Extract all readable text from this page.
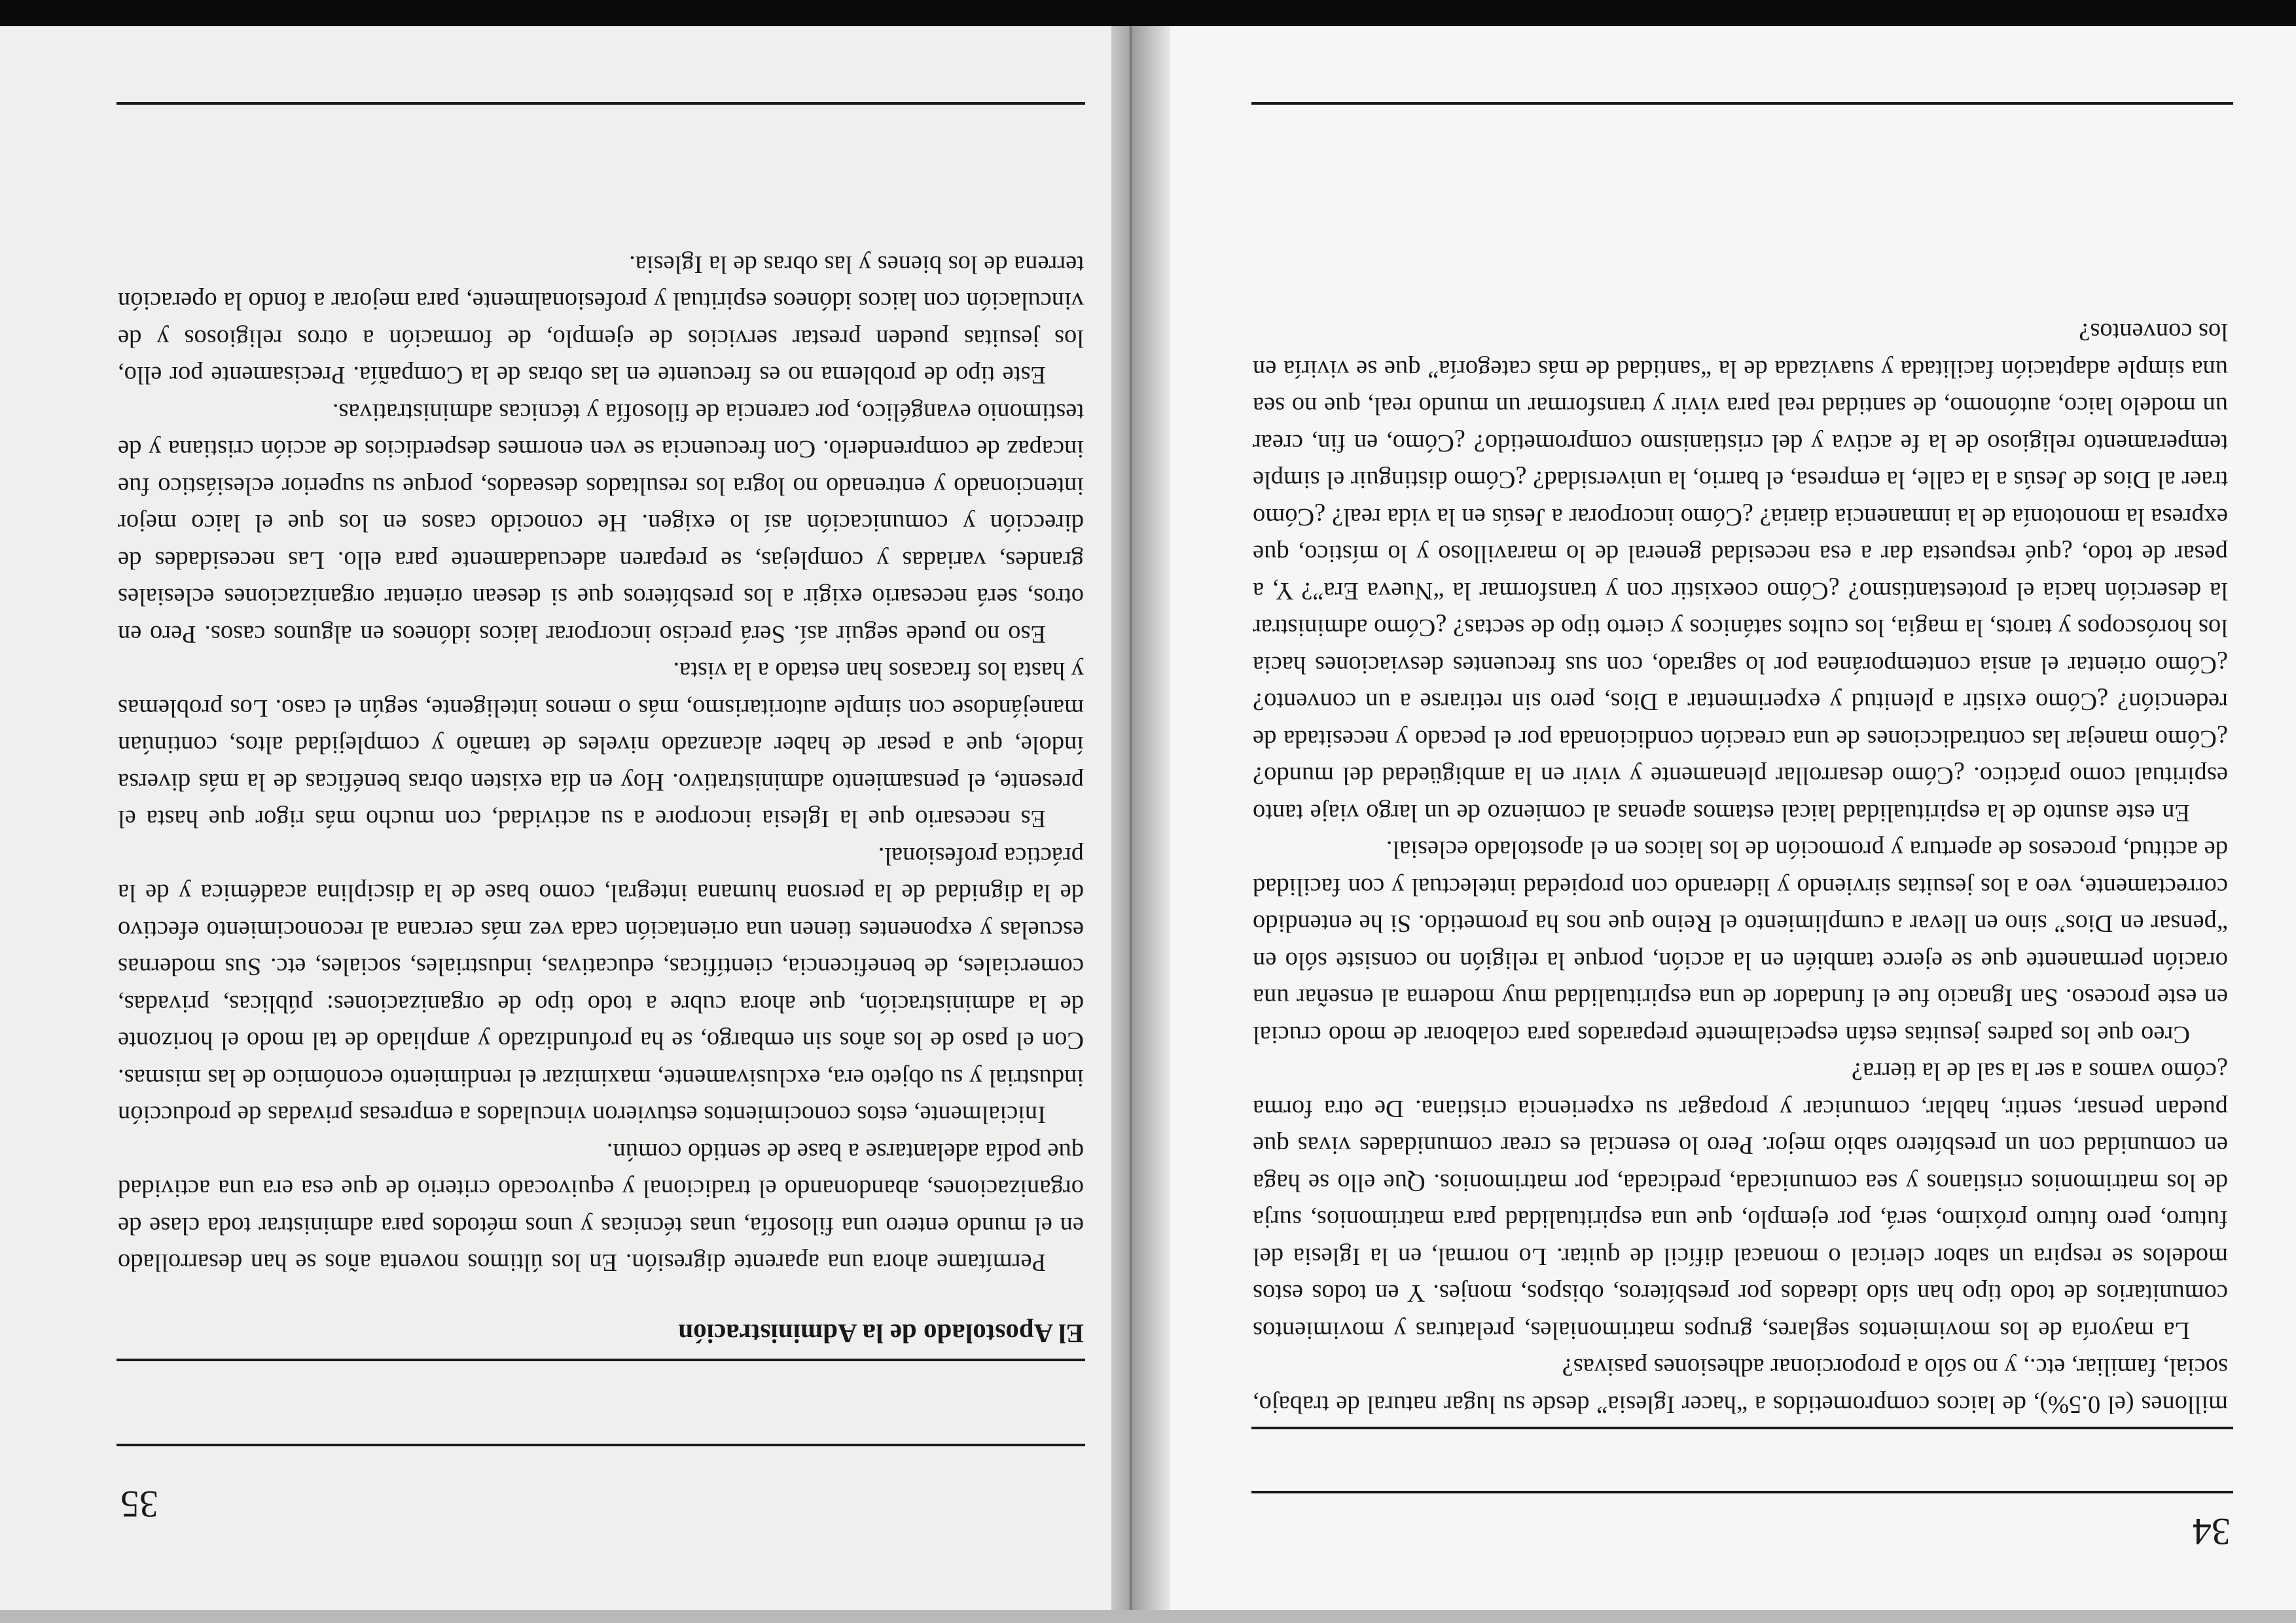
34

millones (el 0.5%), de laicos comprometidos a “hacer Iglesia” desde su lugar natural de trabajo, social, familiar, etc., y no sólo a proporcionar adhesiones pasivas?

La mayoría de los movimientos seglares, grupos matrimoniales, prelaturas y movimientos comunitarios de todo tipo han sido ideados por presbíteros, obispos, monjes. Y en todos estos modelos se respira un sabor clerical o monacal difícil de quitar. Lo normal, en la Iglesia del futuro, pero futuro próximo, será, por ejemplo, que una espiritualidad para matrimonios, surja de los matrimonios cristianos y sea comunicada, predicada, por matrimonios. Que ello se haga en comunidad con un presbítero sabio mejor. Pero lo esencial es crear comunidades vivas que puedan pensar, sentir, hablar, comunicar y propagar su experiencia cristiana. De otra forma ¿cómo vamos a ser la sal de la tierra?

Creo que los padres jesuitas están especialmente preparados para colaborar de modo crucial en este proceso. San Ignacio fue el fundador de una espiritualidad muy moderna al enseñar una oración permanente que se ejerce también en la acción, porque la religión no consiste sólo en “pensar en Dios” sino en llevar a cumplimiento el Reino que nos ha prometido. Si he entendido correctamente, veo a los jesuitas sirviendo y liderando con propiedad intelectual y con facilidad de actitud, procesos de apertura y promoción de los laicos en el apostolado eclesial.

En este asunto de la espiritualidad laical estamos apenas al comienzo de un largo viaje tanto espiritual como práctico. ¿Cómo desarrollar plenamente y vivir en la ambigüedad del mundo? ¿Cómo manejar las contradicciones de una creación condicionada por el pecado y necesitada de redención? ¿Cómo existir a plenitud y experimentar a Dios, pero sin retirarse a un convento? ¿Cómo orientar el ansia contemporánea por lo sagrado, con sus frecuentes desviaciones hacia los horóscopos y tarots, la magia, los cultos satánicos y cierto tipo de sectas? ¿Cómo administrar la deserción hacia el protestantismo? ¿Cómo coexistir con y transformar la “Nueva Era”? Y, a pesar de todo, ¿qué respuesta dar a esa necesidad general de lo maravilloso y lo místico, que expresa la monotonía de la inmanencia diaria? ¿Cómo incorporar a Jesús en la vida real? ¿Cómo traer al Dios de Jesús a la calle, la empresa, el barrio, la universidad? ¿Cómo distinguir el simple temperamento religioso de la fe activa y del cristianismo comprometido? ¿Cómo, en fin, crear un modelo laico, autónomo, de santidad real para vivir y transformar un mundo real, que no sea una simple adaptación facilitada y suavizada de la “santidad de más categoría” que se viviría en los conventos?

35
El Apostolado de la Administración

Permítame ahora una aparente digresión. En los últimos noventa años se han desarrollado en el mundo entero una filosofía, unas técnicas y unos métodos para administrar toda clase de organizaciones, abandonando el tradicional y equivocado criterio de que esa era una actividad que podía adelantarse a base de sentido común.

Inicialmente, estos conocimientos estuvieron vinculados a empresas privadas de producción industrial y su objeto era, exclusivamente, maximizar el rendimiento económico de las mismas. Con el paso de los años sin embargo, se ha profundizado y ampliado de tal modo el horizonte de la administración, que ahora cubre a todo tipo de organizaciones: públicas, privadas, comerciales, de beneficencia, científicas, educativas, industriales, sociales, etc. Sus modernas escuelas y exponentes tienen una orientación cada vez más cercana al reconocimiento efectivo de la dignidad de la persona humana integral, como base de la disciplina académica y de la práctica profesional.

Es necesario que la Iglesia incorpore a su actividad, con mucho más rigor que hasta el presente, el pensamiento administrativo. Hoy en día existen obras benéficas de la más diversa índole, que a pesar de haber alcanzado niveles de tamaño y complejidad altos, continúan manejándose con simple autoritarismo, más o menos inteligente, según el caso. Los problemas y hasta los fracasos han estado a la vista.

Eso no puede seguir así. Será preciso incorporar laicos idóneos en algunos casos. Pero en otros, será necesario exigir a los presbíteros que si desean orientar organizaciones eclesiales grandes, variadas y complejas, se preparen adecuadamente para ello. Las necesidades de dirección y comunicación así lo exigen. He conocido casos en los que el laico mejor intencionado y entrenado no logra los resultados deseados, porque su superior eclesiástico fue incapaz de comprenderlo. Con frecuencia se ven enormes desperdicios de acción cristiana y de testimonio evangélico, por carencia de filosofía y técnicas administrativas.

Este tipo de problema no es frecuente en las obras de la Compañía. Precisamente por ello, los jesuitas pueden prestar servicios de ejemplo, de formación a otros religiosos y de vinculación con laicos idóneos espiritual y profesionalmente, para mejorar a fondo la operación terrena de los bienes y las obras de la Iglesia.
